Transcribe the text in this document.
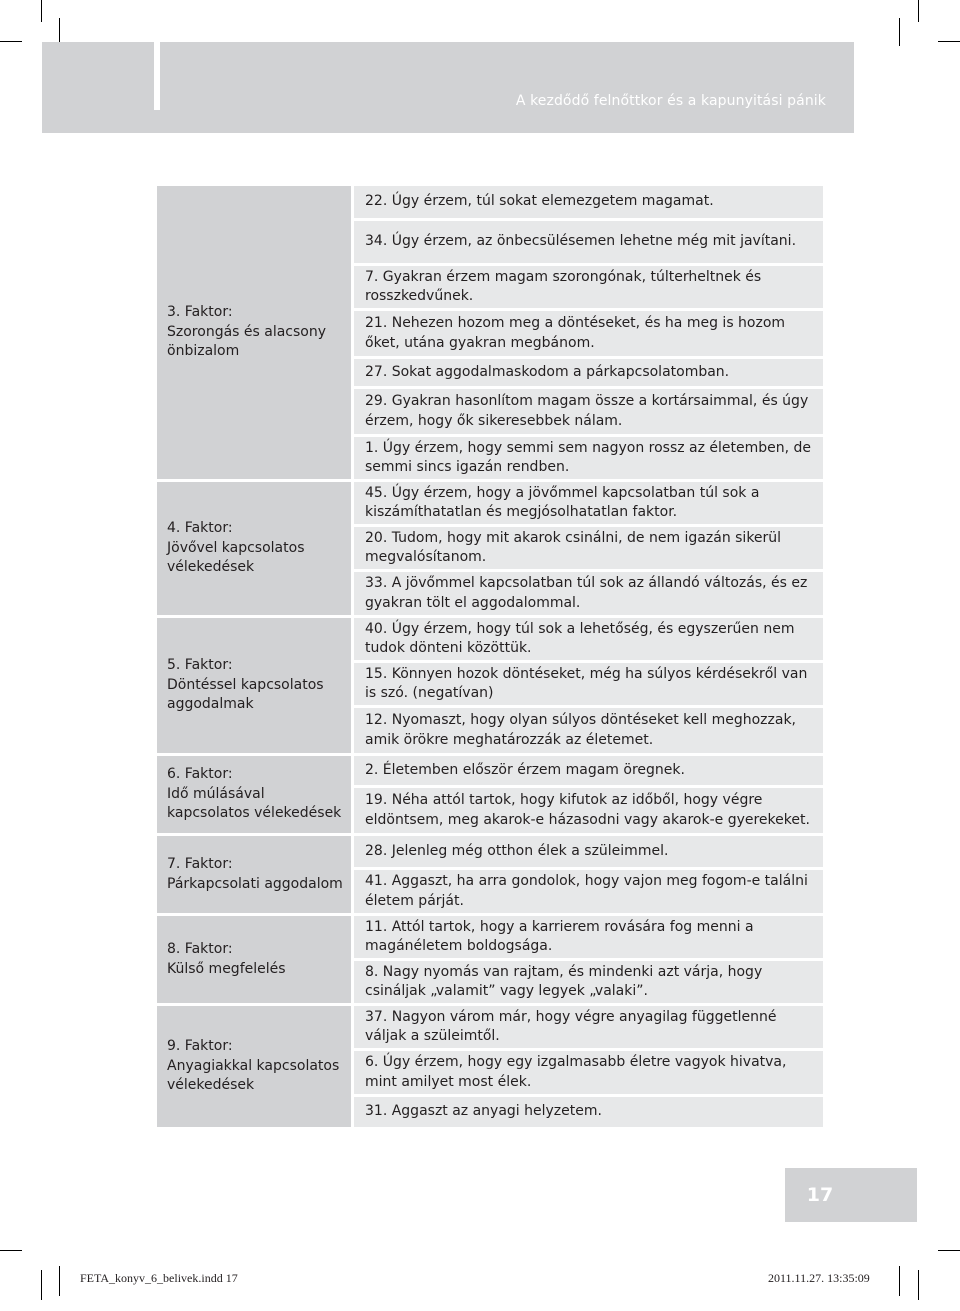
A kezdődő felnőttkor és a kapunyitási pánik
3. Faktor:
Szorongás és alacsony önbizalom
4. Faktor:
Jövővel kapcsolatos vélekedések
5. Faktor:
Döntéssel kapcsolatos aggodalmak
6. Faktor:
Idő múlásával kapcsolatos vélekedések
7. Faktor:
Párkapcsolati aggodalom
8. Faktor:
Külső megfelelés
9. Faktor:
Anyagiakkal kapcsolatos vélekedések
22. Úgy érzem, túl sokat elemezgetem magamat.
34. Úgy érzem, az önbecsülésemen lehetne még mit javítani.
7. Gyakran érzem magam szorongónak, túlterheltnek és rosszkedvűnek.
21. Nehezen hozom meg a döntéseket, és ha meg is hozom őket, utána gyakran megbánom.
27. Sokat aggodalmaskodom a párkapcsolatomban.
29. Gyakran hasonlítom magam össze a kortársaimmal, és úgy érzem, hogy ők sikeresebbek nálam.
1. Úgy érzem, hogy semmi sem nagyon rossz az életemben, de semmi sincs igazán rendben.
45. Úgy érzem, hogy a jövőmmel kapcsolatban túl sok a kiszámíthatatlan és megjósolhatatlan faktor.
20. Tudom, hogy mit akarok csinálni, de nem igazán sikerül megvalósítanom.
33. A jövőmmel kapcsolatban túl sok az állandó változás, és ez gyakran tölt el aggodalommal.
40. Úgy érzem, hogy túl sok a lehetőség, és egyszerűen nem tudok dönteni közöttük.
15. Könnyen hozok döntéseket, még ha súlyos kérdésekről van is szó. (negatívan)
12. Nyomaszt, hogy olyan súlyos döntéseket kell meghozzak, amik örökre meghatározzák az életemet.
2. Életemben először érzem magam öregnek.
19. Néha attól tartok, hogy kifutok az időből, hogy végre eldöntsem, meg akarok-e házasodni vagy akarok-e gyerekeket.
28. Jelenleg még otthon élek a szüleimmel.
41. Aggaszt, ha arra gondolok, hogy vajon meg fogom-e találni életem párját.
11. Attól tartok, hogy a karrierem rovására fog menni a magánéletem boldogsága.
8. Nagy nyomás van rajtam, és mindenki azt várja, hogy csináljak „valamit” vagy legyek „valaki”.
37. Nagyon várom már, hogy végre anyagilag függetlenné váljak a szüleimtől.
6. Úgy érzem, hogy egy izgalmasabb életre vagyok hivatva, mint amilyet most élek.
31. Aggaszt az anyagi helyzetem.
17
FETA_konyv_6_belivek.indd 17	2011.11.27. 13:35:09
